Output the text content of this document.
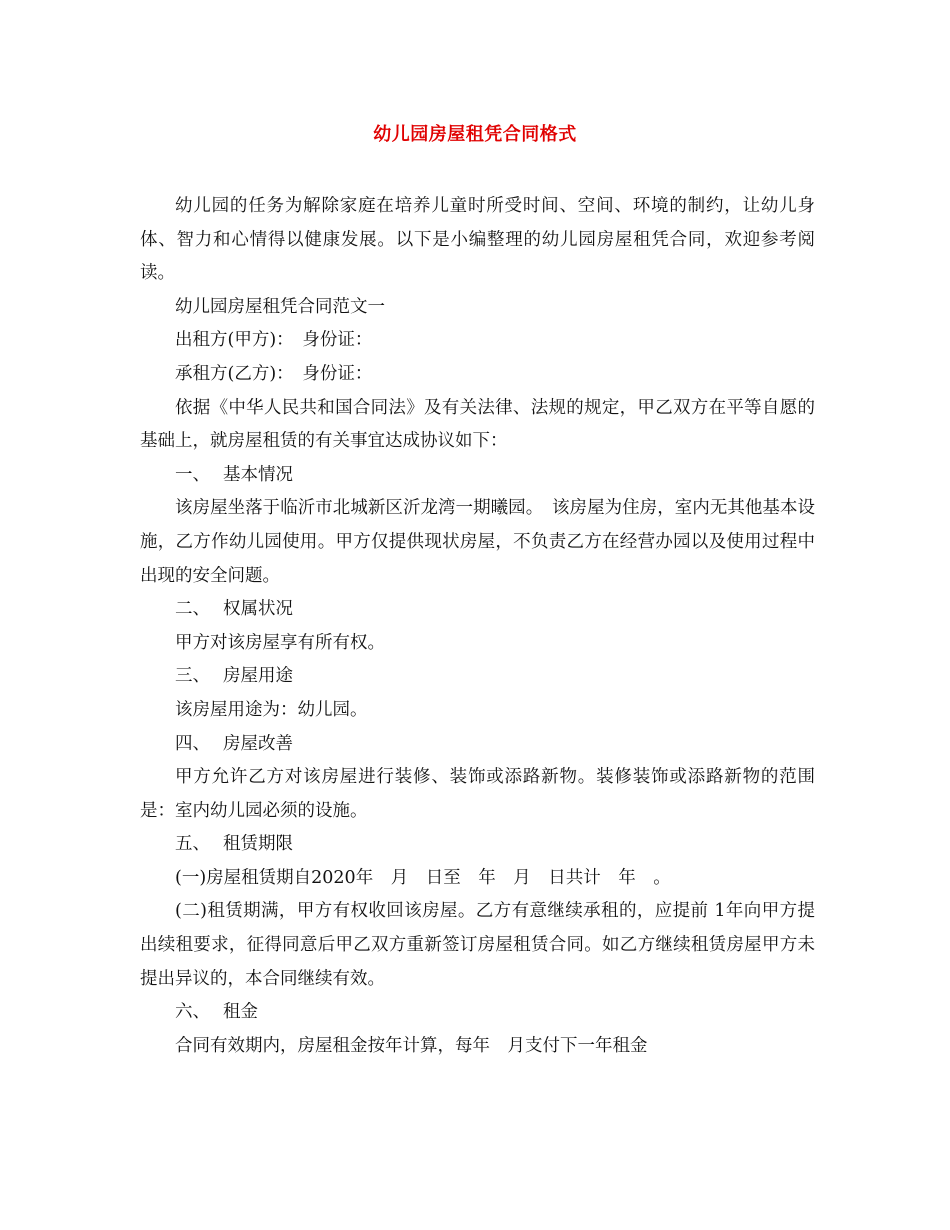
幼儿园房屋租凭合同格式

幼儿园的任务为解除家庭在培养儿童时所受时间、空间、环境的制约，让幼儿身体、智力和心情得以健康发展。以下是小编整理的幼儿园房屋租凭合同，欢迎参考阅读。

幼儿园房屋租凭合同范文一

出租方(甲方)：　身份证：

承租方(乙方)：　身份证：

依据《中华人民共和国合同法》及有关法律、法规的规定，甲乙双方在平等自愿的基础上，就房屋租赁的有关事宜达成协议如下：

一、 基本情况

该房屋坐落于临沂市北城新区沂龙湾一期曦园。　该房屋为住房，室内无其他基本设施，乙方作幼儿园使用。甲方仅提供现状房屋，不负责乙方在经营办园以及使用过程中出现的安全问题。

二、 权属状况

甲方对该房屋享有所有权。

三、 房屋用途

该房屋用途为：幼儿园。

四、 房屋改善

甲方允许乙方对该房屋进行装修、装饰或添路新物。装修装饰或添路新物的范围是：室内幼儿园必须的设施。

五、 租赁期限

(一)房屋租赁期自2020年　月　日至　年　月　日共计　年　。

(二)租赁期满，甲方有权收回该房屋。乙方有意继续承租的，应提前 1年向甲方提出续租要求，征得同意后甲乙双方重新签订房屋租赁合同。如乙方继续租赁房屋甲方未提出异议的，本合同继续有效。

六、 租金

合同有效期内，房屋租金按年计算，每年　月支付下一年租金
